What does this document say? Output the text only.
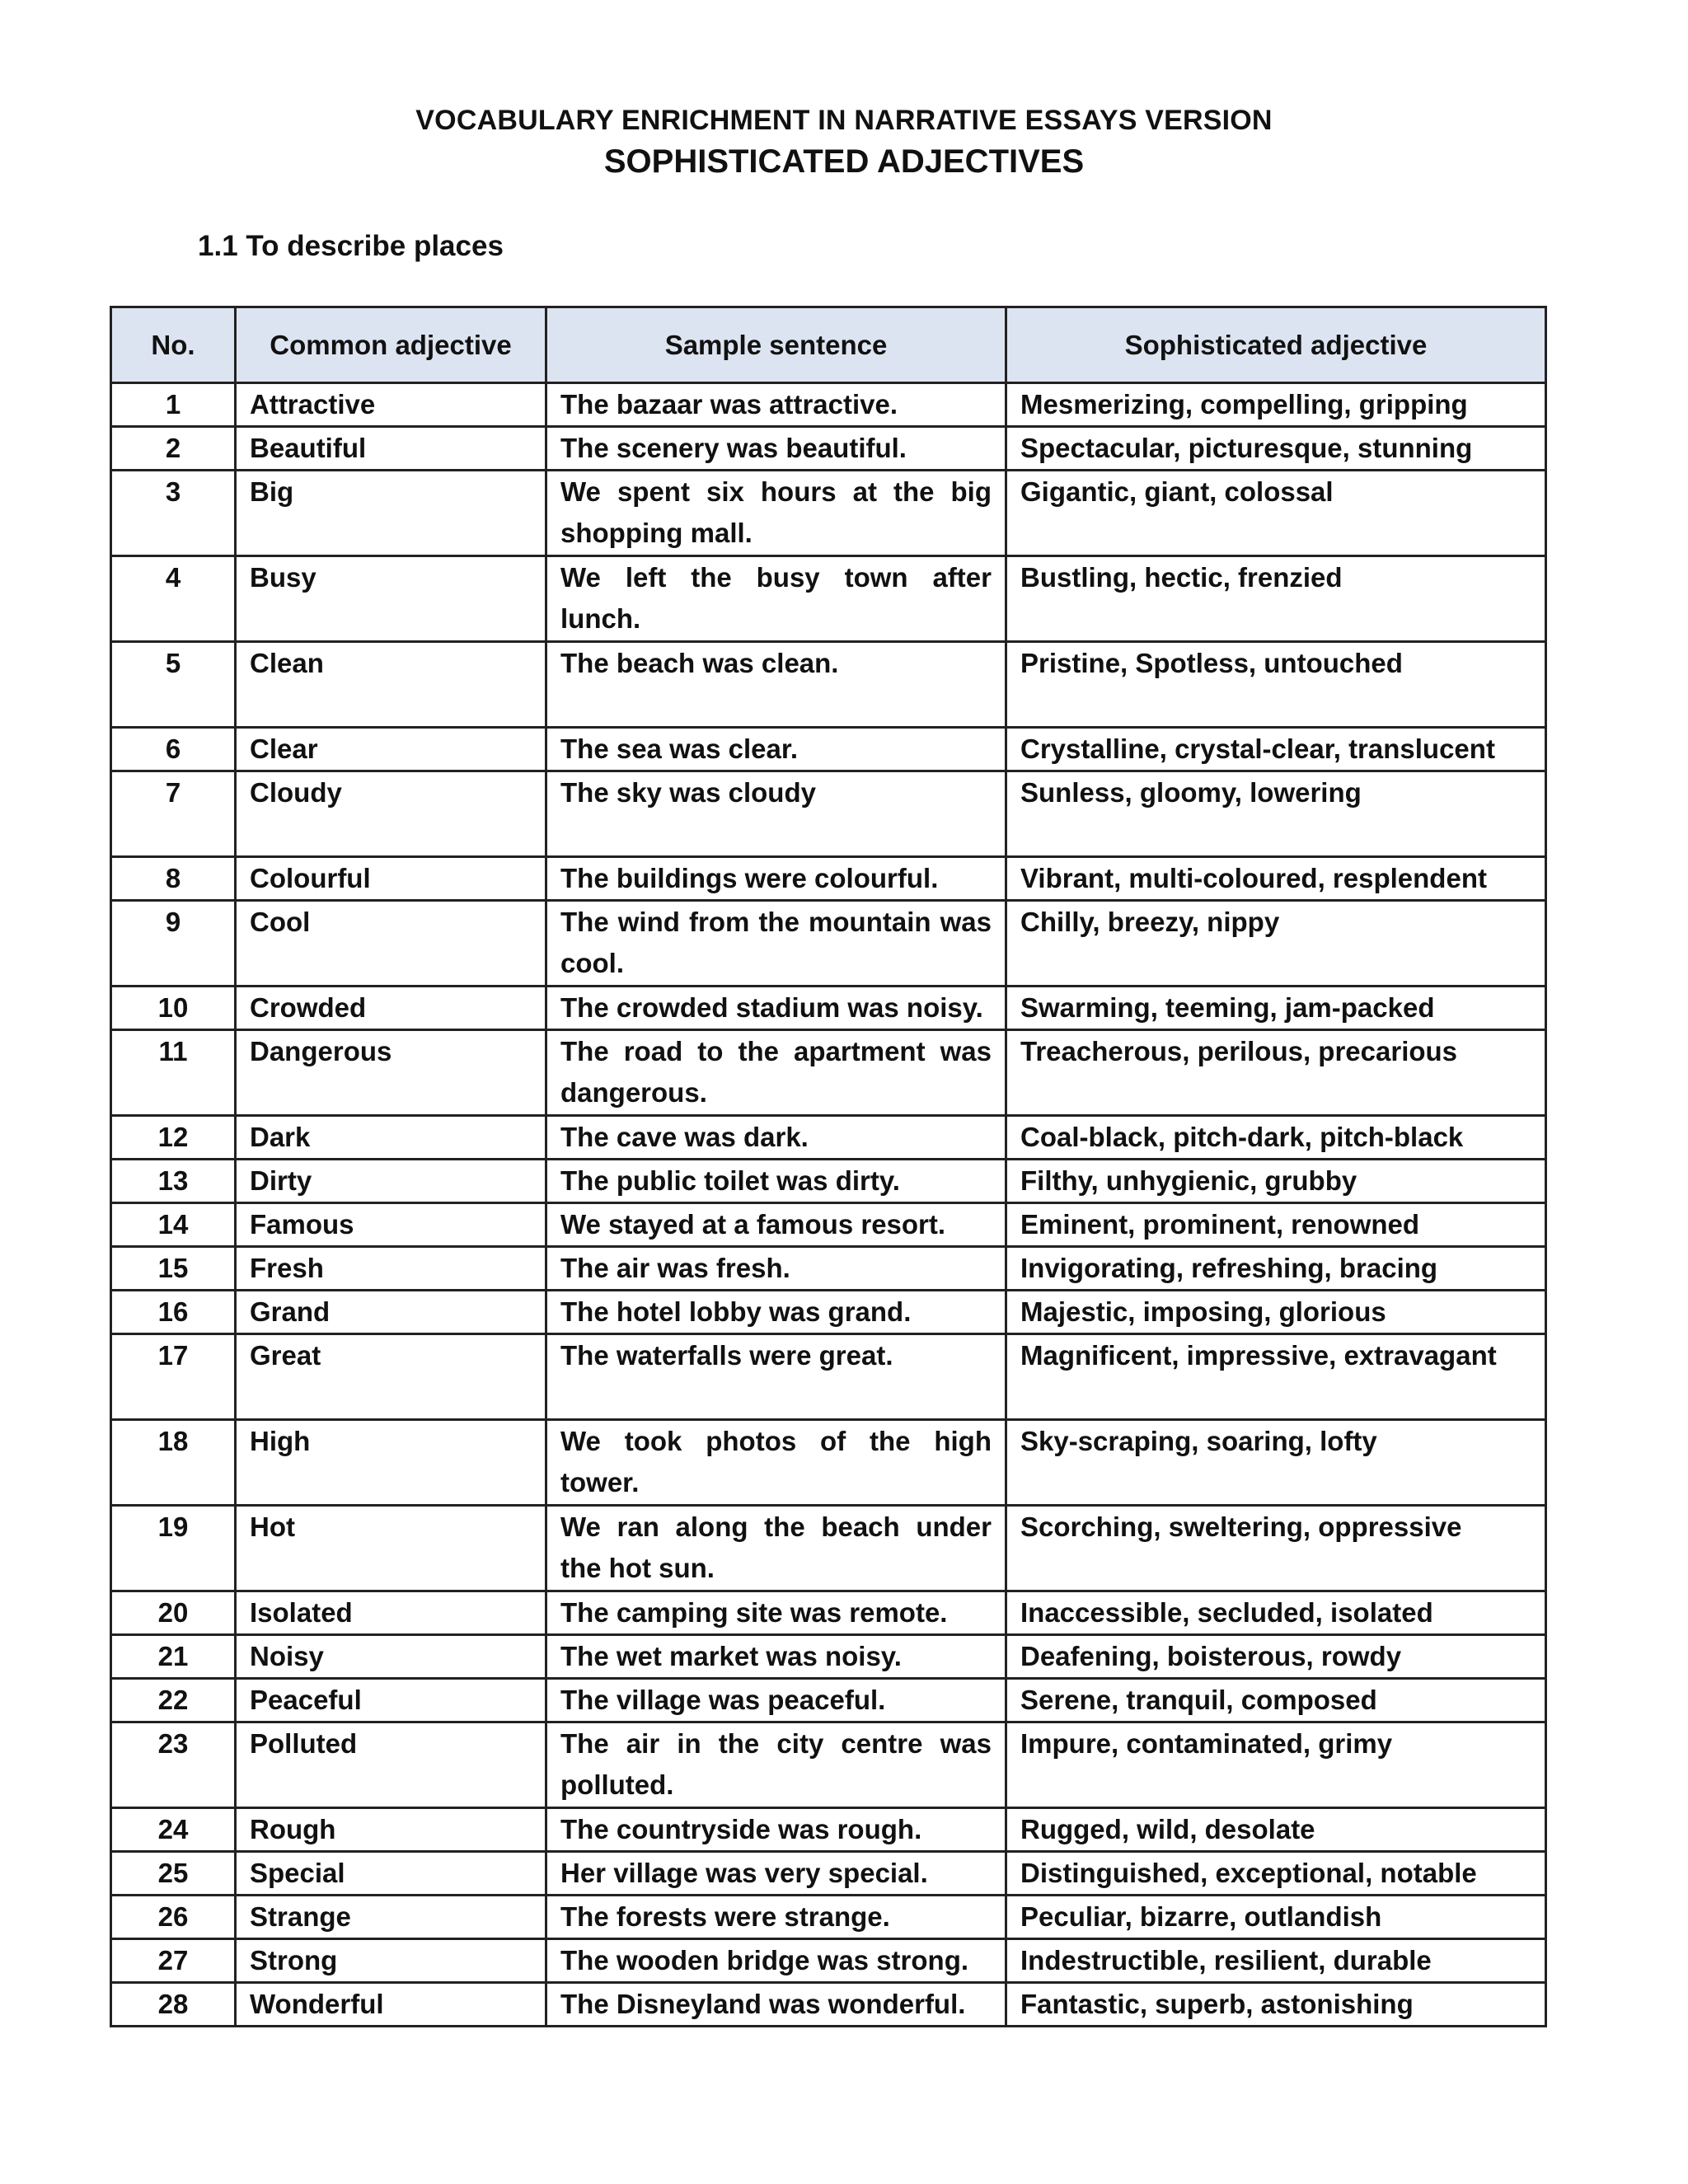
VOCABULARY ENRICHMENT IN NARRATIVE ESSAYS VERSION
SOPHISTICATED ADJECTIVES
1.1 To describe places
No.	Common adjective	Sample sentence	Sophisticated adjective
1	Attractive	The bazaar was attractive.	Mesmerizing, compelling, gripping
2	Beautiful	The scenery was beautiful.	Spectacular, picturesque, stunning
3	Big	We spent six hours at the big shopping mall.	Gigantic, giant, colossal
4	Busy	We left the busy town after lunch.	Bustling, hectic, frenzied
5	Clean	The beach was clean.	Pristine, Spotless, untouched
6	Clear	The sea was clear.	Crystalline, crystal-clear, translucent
7	Cloudy	The sky was cloudy	Sunless, gloomy, lowering
8	Colourful	The buildings were colourful.	Vibrant, multi-coloured, resplendent
9	Cool	The wind from the mountain was cool.	Chilly, breezy, nippy
10	Crowded	The crowded stadium was noisy.	Swarming, teeming, jam-packed
11	Dangerous	The road to the apartment was dangerous.	Treacherous, perilous, precarious
12	Dark	The cave was dark.	Coal-black, pitch-dark, pitch-black
13	Dirty	The public toilet was dirty.	Filthy, unhygienic, grubby
14	Famous	We stayed at a famous resort.	Eminent, prominent, renowned
15	Fresh	The air was fresh.	Invigorating, refreshing, bracing
16	Grand	The hotel lobby was grand.	Majestic, imposing, glorious
17	Great	The waterfalls were great.	Magnificent, impressive, extravagant
18	High	We took photos of the high tower.	Sky-scraping, soaring, lofty
19	Hot	We ran along the beach under the hot sun.	Scorching, sweltering, oppressive
20	Isolated	The camping site was remote.	Inaccessible, secluded, isolated
21	Noisy	The wet market was noisy.	Deafening, boisterous, rowdy
22	Peaceful	The village was peaceful.	Serene, tranquil, composed
23	Polluted	The air in the city centre was polluted.	Impure, contaminated, grimy
24	Rough	The countryside was rough.	Rugged, wild, desolate
25	Special	Her village was very special.	Distinguished, exceptional, notable
26	Strange	The forests were strange.	Peculiar, bizarre, outlandish
27	Strong	The wooden bridge was strong.	Indestructible, resilient, durable
28	Wonderful	The Disneyland was wonderful.	Fantastic, superb, astonishing
